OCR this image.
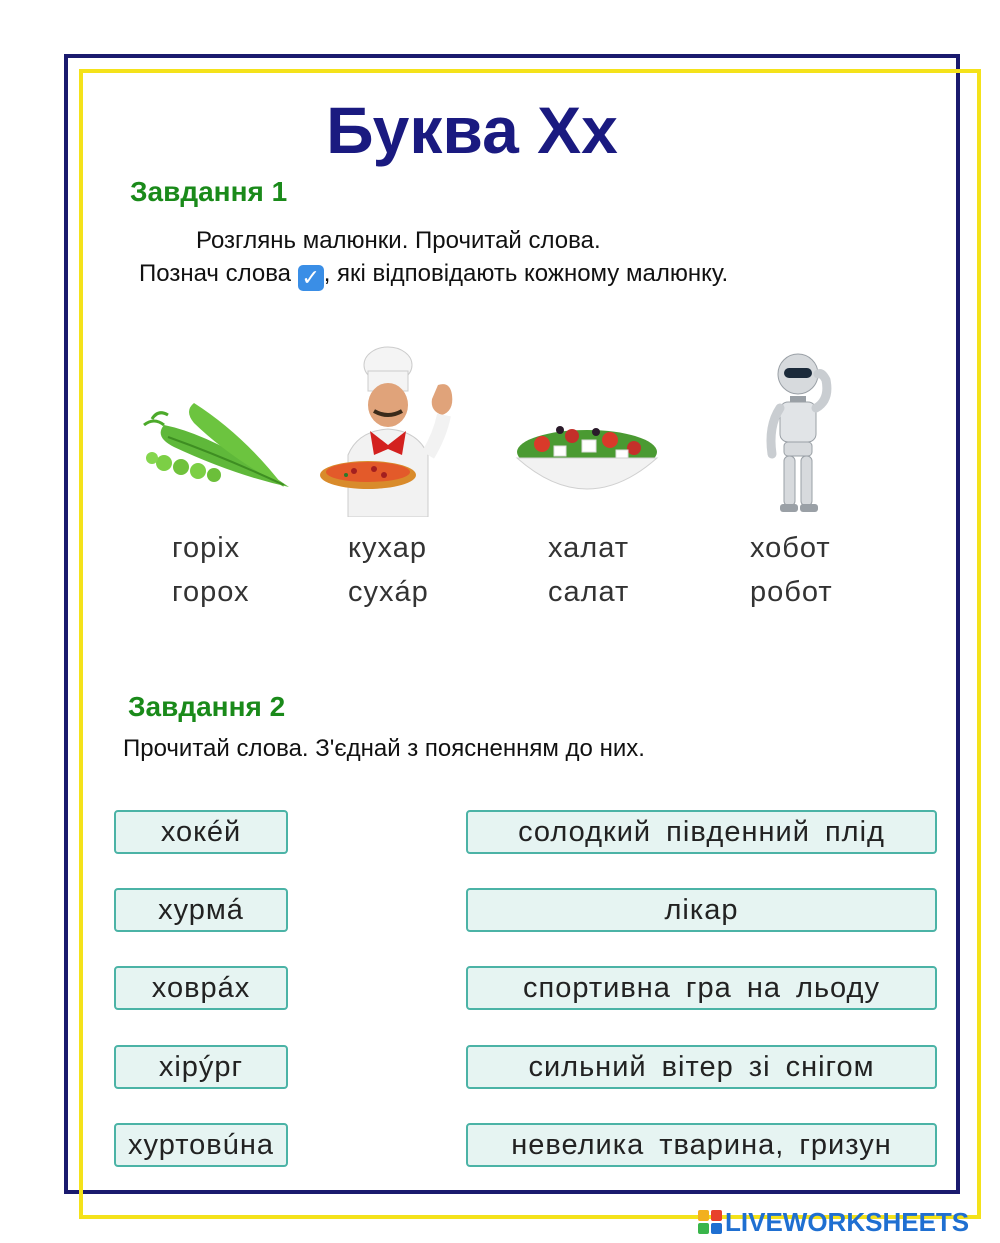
Буква Хх
Завдання 1
Розглянь малюнки. Прочитай слова.
Познач слова ✓ , які відповідають кожному малюнку.
горіх
горох
кухар
сухáр
халат
салат
хобот
робот
Завдання 2
Прочитай слова. З'єднай з поясненням до них.
хокéй
хурмá
ховрáх
хірýрг
хуртовúна
солодкий південний плід
лікар
спортивна гра на льоду
сильний вітер зі снігом
невелика тварина, гризун
LIVEWORKSHEETS
